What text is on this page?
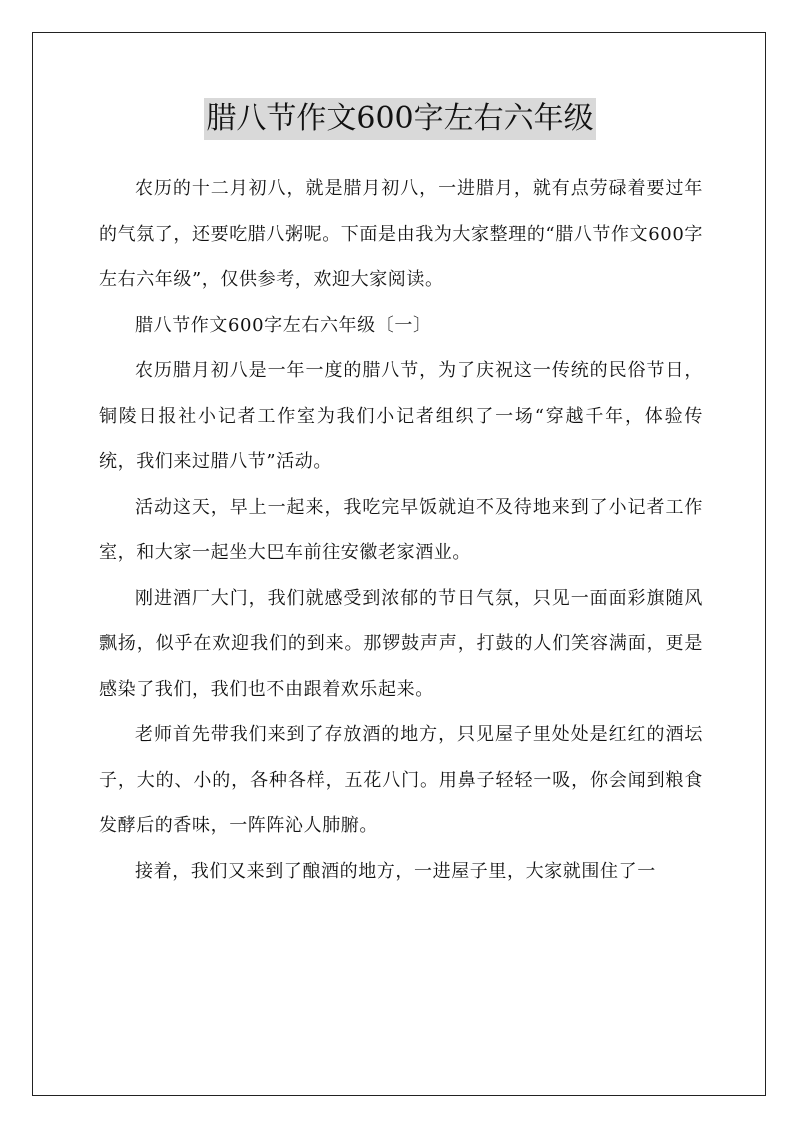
腊八节作文600字左右六年级

农历的十二月初八，就是腊月初八，一进腊月，就有点劳碌着要过年的气氛了，还要吃腊八粥呢。下面是由我为大家整理的“腊八节作文600字左右六年级”，仅供参考，欢迎大家阅读。

腊八节作文600字左右六年级〔一〕

农历腊月初八是一年一度的腊八节，为了庆祝这一传统的民俗节日，铜陵日报社小记者工作室为我们小记者组织了一场“穿越千年，体验传统，我们来过腊八节”活动。

活动这天，早上一起来，我吃完早饭就迫不及待地来到了小记者工作室，和大家一起坐大巴车前往安徽老家酒业。

刚进酒厂大门，我们就感受到浓郁的节日气氛，只见一面面彩旗随风飘扬，似乎在欢迎我们的到来。那锣鼓声声，打鼓的人们笑容满面，更是感染了我们，我们也不由跟着欢乐起来。

老师首先带我们来到了存放酒的地方，只见屋子里处处是红红的酒坛子，大的、小的，各种各样，五花八门。用鼻子轻轻一吸，你会闻到粮食发酵后的香味，一阵阵沁人肺腑。

接着，我们又来到了酿酒的地方，一进屋子里，大家就围住了一
